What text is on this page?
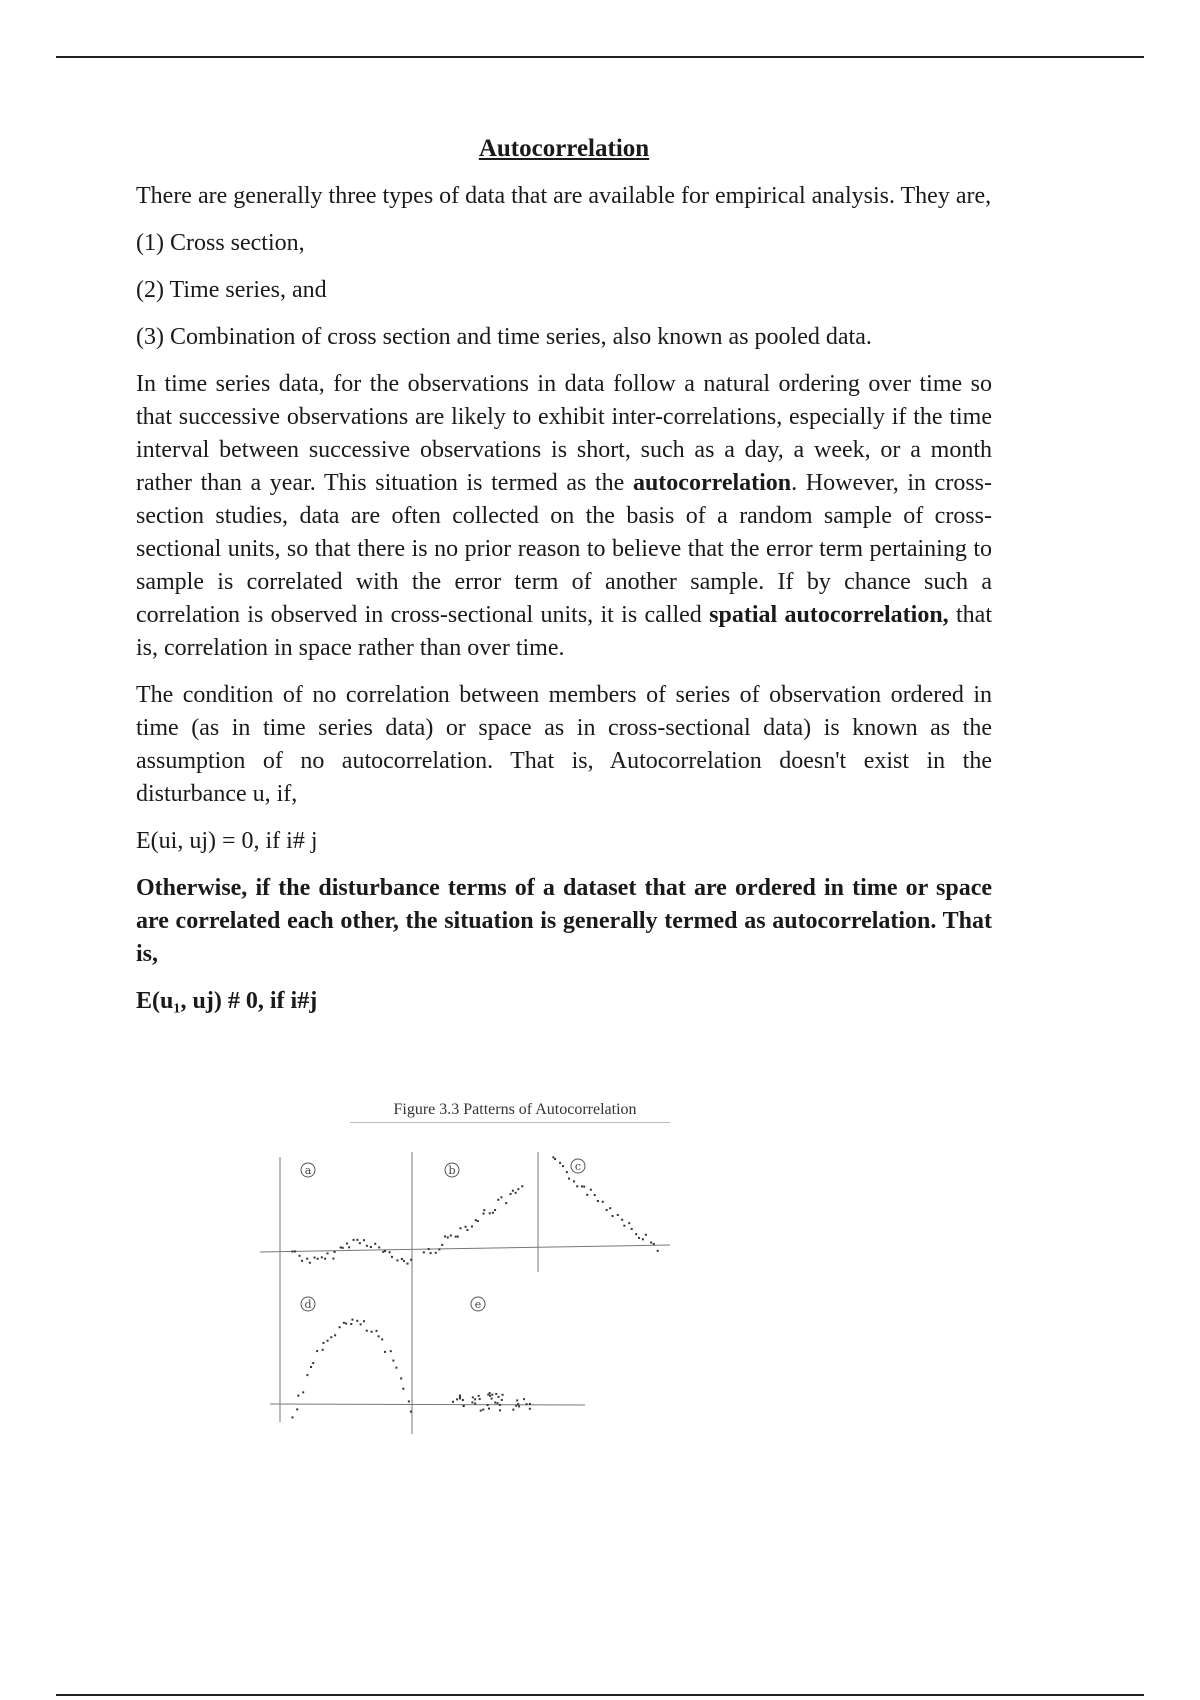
Autocorrelation

There are generally three types of data that are available for empirical analysis. They are,

(1) Cross section,

(2) Time series, and

(3) Combination of cross section and time series, also known as pooled data.

In time series data, for the observations in data follow a natural ordering over time so that successive observations are likely to exhibit inter-correlations, especially if the time interval between successive observations is short, such as a day, a week, or a month rather than a year. This situation is termed as the autocorrelation. However, in cross-section studies, data are often collected on the basis of a random sample of cross-sectional units, so that there is no prior reason to believe that the error term pertaining to sample is correlated with the error term of another sample. If by chance such a correlation is observed in cross-sectional units, it is called spatial autocorrelation, that is, correlation in space rather than over time.

The condition of no correlation between members of series of observation ordered in time (as in time series data) or space as in cross-sectional data) is known as the assumption of no autocorrelation. That is, Autocorrelation doesn't exist in the disturbance u, if,

E(ui, uj) = 0, if i# j

Otherwise, if the disturbance terms of a dataset that are ordered in time or space are correlated each other, the situation is generally termed as autocorrelation. That is,

E(u₁, uj) # 0, if i#j

Figure 3.3 Patterns of Autocorrelation
a	b	c
d	e
